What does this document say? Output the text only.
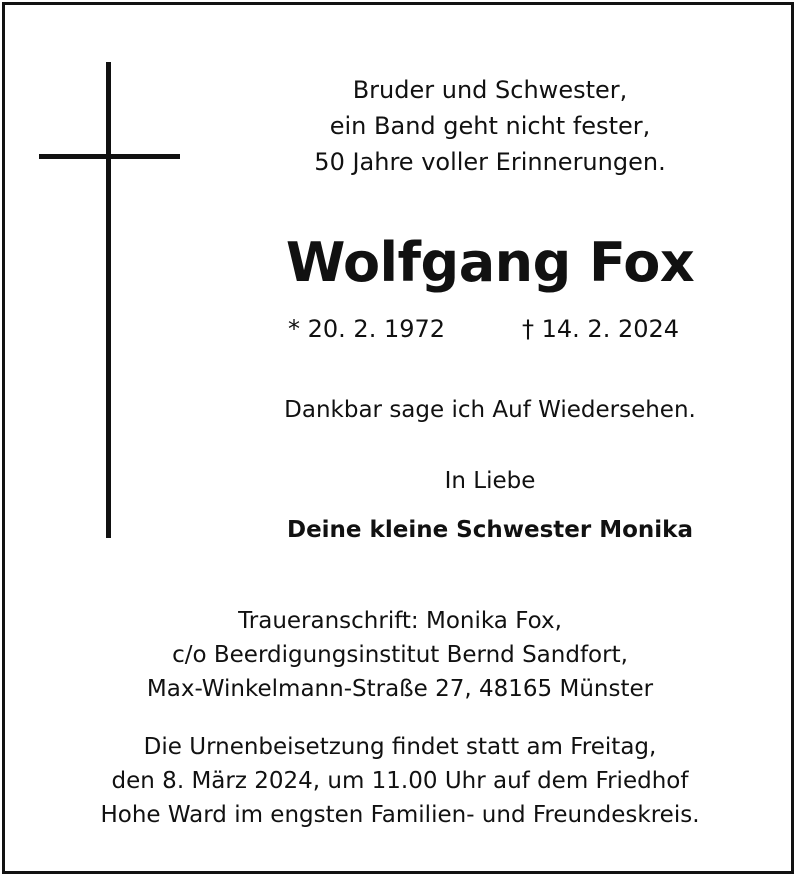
Bruder und Schwester,
ein Band geht nicht fester,
50 Jahre voller Erinnerungen.
Wolfgang Fox
* 20. 2. 1972	† 14. 2. 2024
Dankbar sage ich Auf Wiedersehen.
In Liebe
Deine kleine Schwester Monika
Traueranschrift: Monika Fox,
c/o Beerdigungsinstitut Bernd Sandfort,
Max-Winkelmann-Straße 27, 48165 Münster
Die Urnenbeisetzung findet statt am Freitag,
den 8. März 2024, um 11.00 Uhr auf dem Friedhof
Hohe Ward im engsten Familien- und Freundeskreis.
